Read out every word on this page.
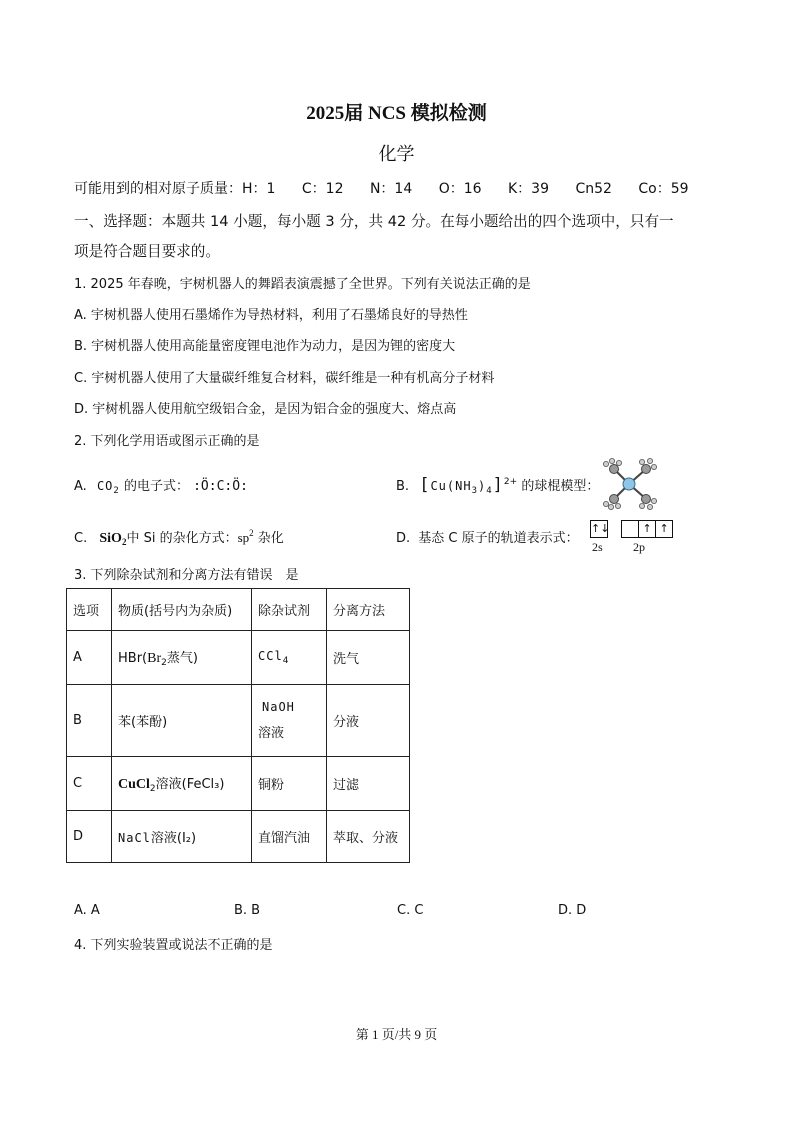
2025届 NCS 模拟检测
化学
可能用到的相对原子质量：H：1 C：12 N：14 O：16 K：39 Cn52 Co：59
一、选择题：本题共 14 小题，每小题 3 分，共 42 分。在每小题给出的四个选项中，只有一
项是符合题目要求的。
1. 2025 年春晚，宇树机器人的舞蹈表演震撼了全世界。下列有关说法正确的是
A. 宇树机器人使用石墨烯作为导热材料，利用了石墨烯良好的导热性
B. 宇树机器人使用高能量密度锂电池作为动力，是因为锂的密度大
C. 宇树机器人使用了大量碳纤维复合材料，碳纤维是一种有机高分子材料
D. 宇树机器人使用航空级铝合金，是因为铝合金的强度大、熔点高
2. 下列化学用语或图示正确的是
A. $CO_2$ 的电子式： :Ö:C:Ö:	B. $[Cu(NH_3)_4]^{2+}$ 的球棍模型：
C. SiO$_2$中 Si 的杂化方式：$sp^2$ 杂化	D. 基态 C 原子的轨道表示式：
↑↓	↑ ↑
2s	2p
3. 下列除杂试剂和分离方法有错误　是
选项	物质(括号内为杂质)	除杂试剂	分离方法
A	$HBr(Br_2$蒸气)	CCl$_4$	洗气
B	苯(苯酚)	NaOH
溶液	分液
C	CuCl$_2$溶液(FeCl₃)	铜粉	过滤
D	NaCl溶液(I₂)	直馏汽油	萃取、分液
A. A	B. B	C. C	D. D
4. 下列实验装置或说法不正确的是
第 1 页/共 9 页
